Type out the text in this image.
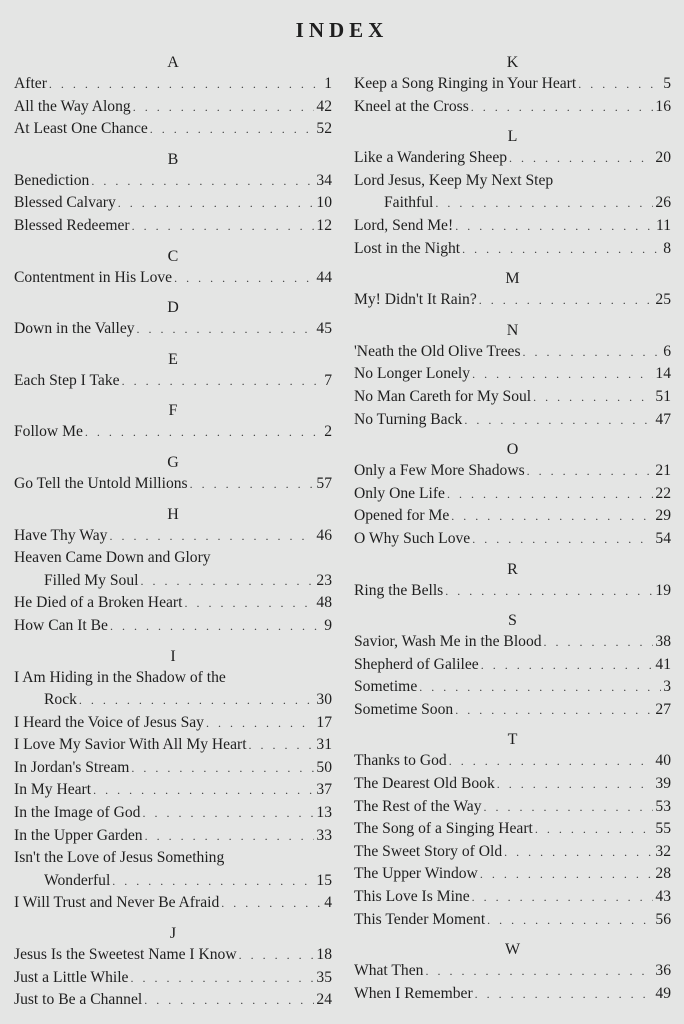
INDEX
A
After . . .	1
All the Way Along . . .	42
At Least One Chance . . .	52
B
Benediction . . .	34
Blessed Calvary . . .	10
Blessed Redeemer . . .	12
C
Contentment in His Love . . .	44
D
Down in the Valley . . .	45
E
Each Step I Take . . .	7
F
Follow Me . . .	2
G
Go Tell the Untold Millions . . .	57
H
Have Thy Way . . .	46
Heaven Came Down and Glory
Filled My Soul . . .	23
He Died of a Broken Heart . . .	48
How Can It Be . . .	9
I
I Am Hiding in the Shadow of the
Rock . . .	30
I Heard the Voice of Jesus Say . . .	17
I Love My Savior With All My Heart . . .	31
In Jordan's Stream . . .	50
In My Heart . . .	37
In the Image of God . . .	13
In the Upper Garden . . .	33
Isn't the Love of Jesus Something
Wonderful . . .	15
I Will Trust and Never Be Afraid . . .	4
J
Jesus Is the Sweetest Name I Know . . .	18
Just a Little While . . .	35
Just to Be a Channel . . .	24
K
Keep a Song Ringing in Your Heart . . .	5
Kneel at the Cross . . .	16
L
Like a Wandering Sheep . . .	20
Lord Jesus, Keep My Next Step
Faithful . . .	26
Lord, Send Me! . . .	11
Lost in the Night . . .	8
M
My! Didn't It Rain? . . .	25
N
'Neath the Old Olive Trees . . .	6
No Longer Lonely . . .	14
No Man Careth for My Soul . . .	51
No Turning Back . . .	47
O
Only a Few More Shadows . . .	21
Only One Life . . .	22
Opened for Me . . .	29
O Why Such Love . . .	54
R
Ring the Bells . . .	19
S
Savior, Wash Me in the Blood . . .	38
Shepherd of Galilee . . .	41
Sometime . . .	3
Sometime Soon . . .	27
T
Thanks to God . . .	40
The Dearest Old Book . . .	39
The Rest of the Way . . .	53
The Song of a Singing Heart . . .	55
The Sweet Story of Old . . .	32
The Upper Window . . .	28
This Love Is Mine . . .	43
This Tender Moment . . .	56
W
What Then . . .	36
When I Remember . . .	49
